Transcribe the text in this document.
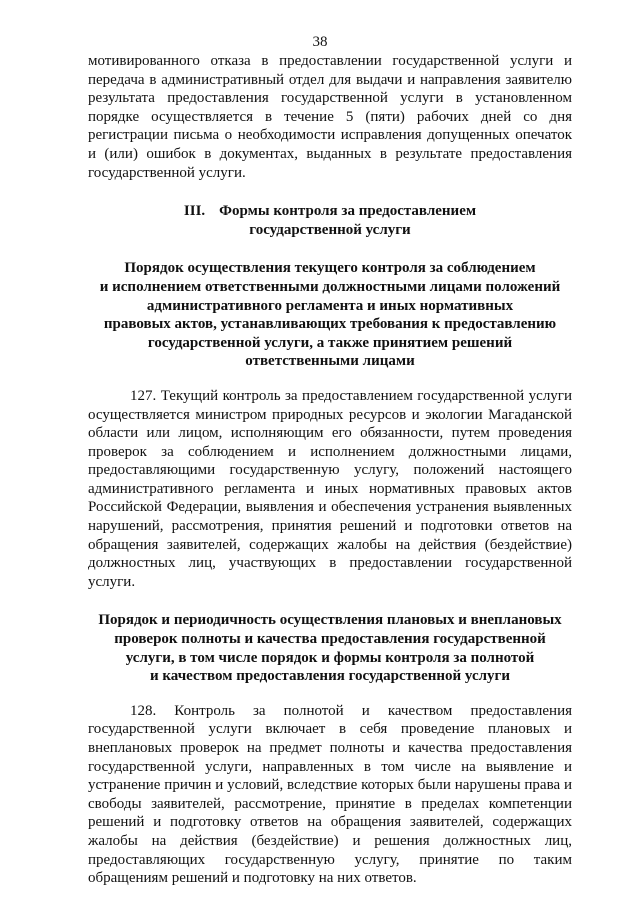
38

мотивированного отказа в предоставлении государственной услуги и передача в административный отдел для выдачи и направления заявителю результата предоставления государственной услуги в установленном порядке осуществляется в течение 5 (пяти) рабочих дней со дня регистрации письма о необходимости исправления допущенных опечаток и (или) ошибок в документах, выданных в результате предоставления государственной услуги.

III. Формы контроля за предоставлением
государственной услуги
Порядок осуществления текущего контроля за соблюдением
и исполнением ответственными должностными лицами положений
административного регламента и иных нормативных
правовых актов, устанавливающих требования к предоставлению
государственной услуги, а также принятием решений
ответственными лицами

127. Текущий контроль за предоставлением государственной услуги осуществляется министром природных ресурсов и экологии Магаданской области или лицом, исполняющим его обязанности, путем проведения проверок за соблюдением и исполнением должностными лицами, предоставляющими государственную услугу, положений настоящего административного регламента и иных нормативных правовых актов Российской Федерации, выявления и обеспечения устранения выявленных нарушений, рассмотрения, принятия решений и подготовки ответов на обращения заявителей, содержащих жалобы на действия (бездействие) должностных лиц, участвующих в предоставлении государственной услуги.

Порядок и периодичность осуществления плановых и внеплановых
проверок полноты и качества предоставления государственной
услуги, в том числе порядок и формы контроля за полнотой
и качеством предоставления государственной услуги

128. Контроль за полнотой и качеством предоставления государственной услуги включает в себя проведение плановых и внеплановых проверок на предмет полноты и качества предоставления государственной услуги, направленных в том числе на выявление и устранение причин и условий, вследствие которых были нарушены права и свободы заявителей, рассмотрение, принятие в пределах компетенции решений и подготовку ответов на обращения заявителей, содержащих жалобы на действия (бездействие) и решения должностных лиц, предоставляющих государственную услугу, принятие по таким обращениям решений и подготовку на них ответов.
